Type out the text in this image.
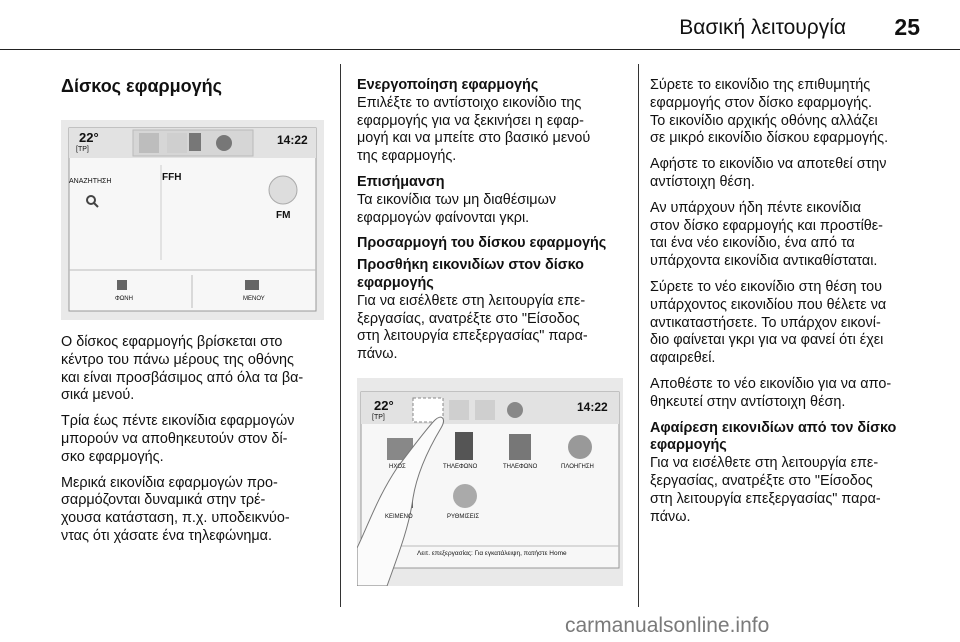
Βασική λειτουργία 25
Δίσκος εφαρμογής
22°
[TP]
14:22
ΑΝΑΖΗΤΗΣΗ	FFH
FM
ΦΩΝΗ	ΜΕΝΟΥ

Ο δίσκος εφαρμογής βρίσκεται στο
κέντρο του πάνω μέρους της οθόνης
και είναι προσβάσιμος από όλα τα βα-
σικά μενού.

Τρία έως πέντε εικονίδια εφαρμογών
μπορούν να αποθηκευτούν στον δί-
σκο εφαρμογής.

Μερικά εικονίδια εφαρμογών προ-
σαρμόζονται δυναμικά στην τρέ-
χουσα κατάσταση, π.χ. υποδεικνύο-
ντας ότι χάσατε ένα τηλεφώνημα.

Ενεργοποίηση εφαρμογής

Επιλέξτε το αντίστοιχο εικονίδιο της
εφαρμογής για να ξεκινήσει η εφαρ-
μογή και να μπείτε στο βασικό μενού
της εφαρμογής.

Επισήμανση

Τα εικονίδια των μη διαθέσιμων
εφαρμογών φαίνονται γκρι.

Προσαρμογή του δίσκου εφαρμογής

Προσθήκη εικονιδίων στον δίσκο
εφαρμογής

Για να εισέλθετε στη λειτουργία επε-
ξεργασίας, ανατρέξτε στο "Είσοδος
στη λειτουργία επεξεργασίας" παρα-
πάνω.

22°
[TP]
14:22
ΗΧΟΣ	ΤΗΛΕΦΩΝΟ	ΤΗΛΕΦΩΝΟ	ΠΛΟΗΓΗΣΗ
ΚΕΙΜΕΝΟ	ΡΥΘΜΙΣΕΙΣ
Λειτ. επεξεργασίας: Για εγκατάλειψη, πατήστε Home

Σύρετε το εικονίδιο της επιθυμητής
εφαρμογής στον δίσκο εφαρμογής.
Το εικονίδιο αρχικής οθόνης αλλάζει
σε μικρό εικονίδιο δίσκου εφαρμογής.

Αφήστε το εικονίδιο να αποτεθεί στην
αντίστοιχη θέση.

Αν υπάρχουν ήδη πέντε εικονίδια
στον δίσκο εφαρμογής και προστίθε-
ται ένα νέο εικονίδιο, ένα από τα
υπάρχοντα εικονίδια αντικαθίσταται.

Σύρετε το νέο εικονίδιο στη θέση του
υπάρχοντος εικονιδίου που θέλετε να
αντικαταστήσετε. Το υπάρχον εικονί-
διο φαίνεται γκρι για να φανεί ότι έχει
αφαιρεθεί.

Αποθέστε το νέο εικονίδιο για να απο-
θηκευτεί στην αντίστοιχη θέση.

Αφαίρεση εικονιδίων από τον δίσκο
εφαρμογής

Για να εισέλθετε στη λειτουργία επε-
ξεργασίας, ανατρέξτε στο "Είσοδος
στη λειτουργία επεξεργασίας" παρα-
πάνω.

carmanualsonline.info
